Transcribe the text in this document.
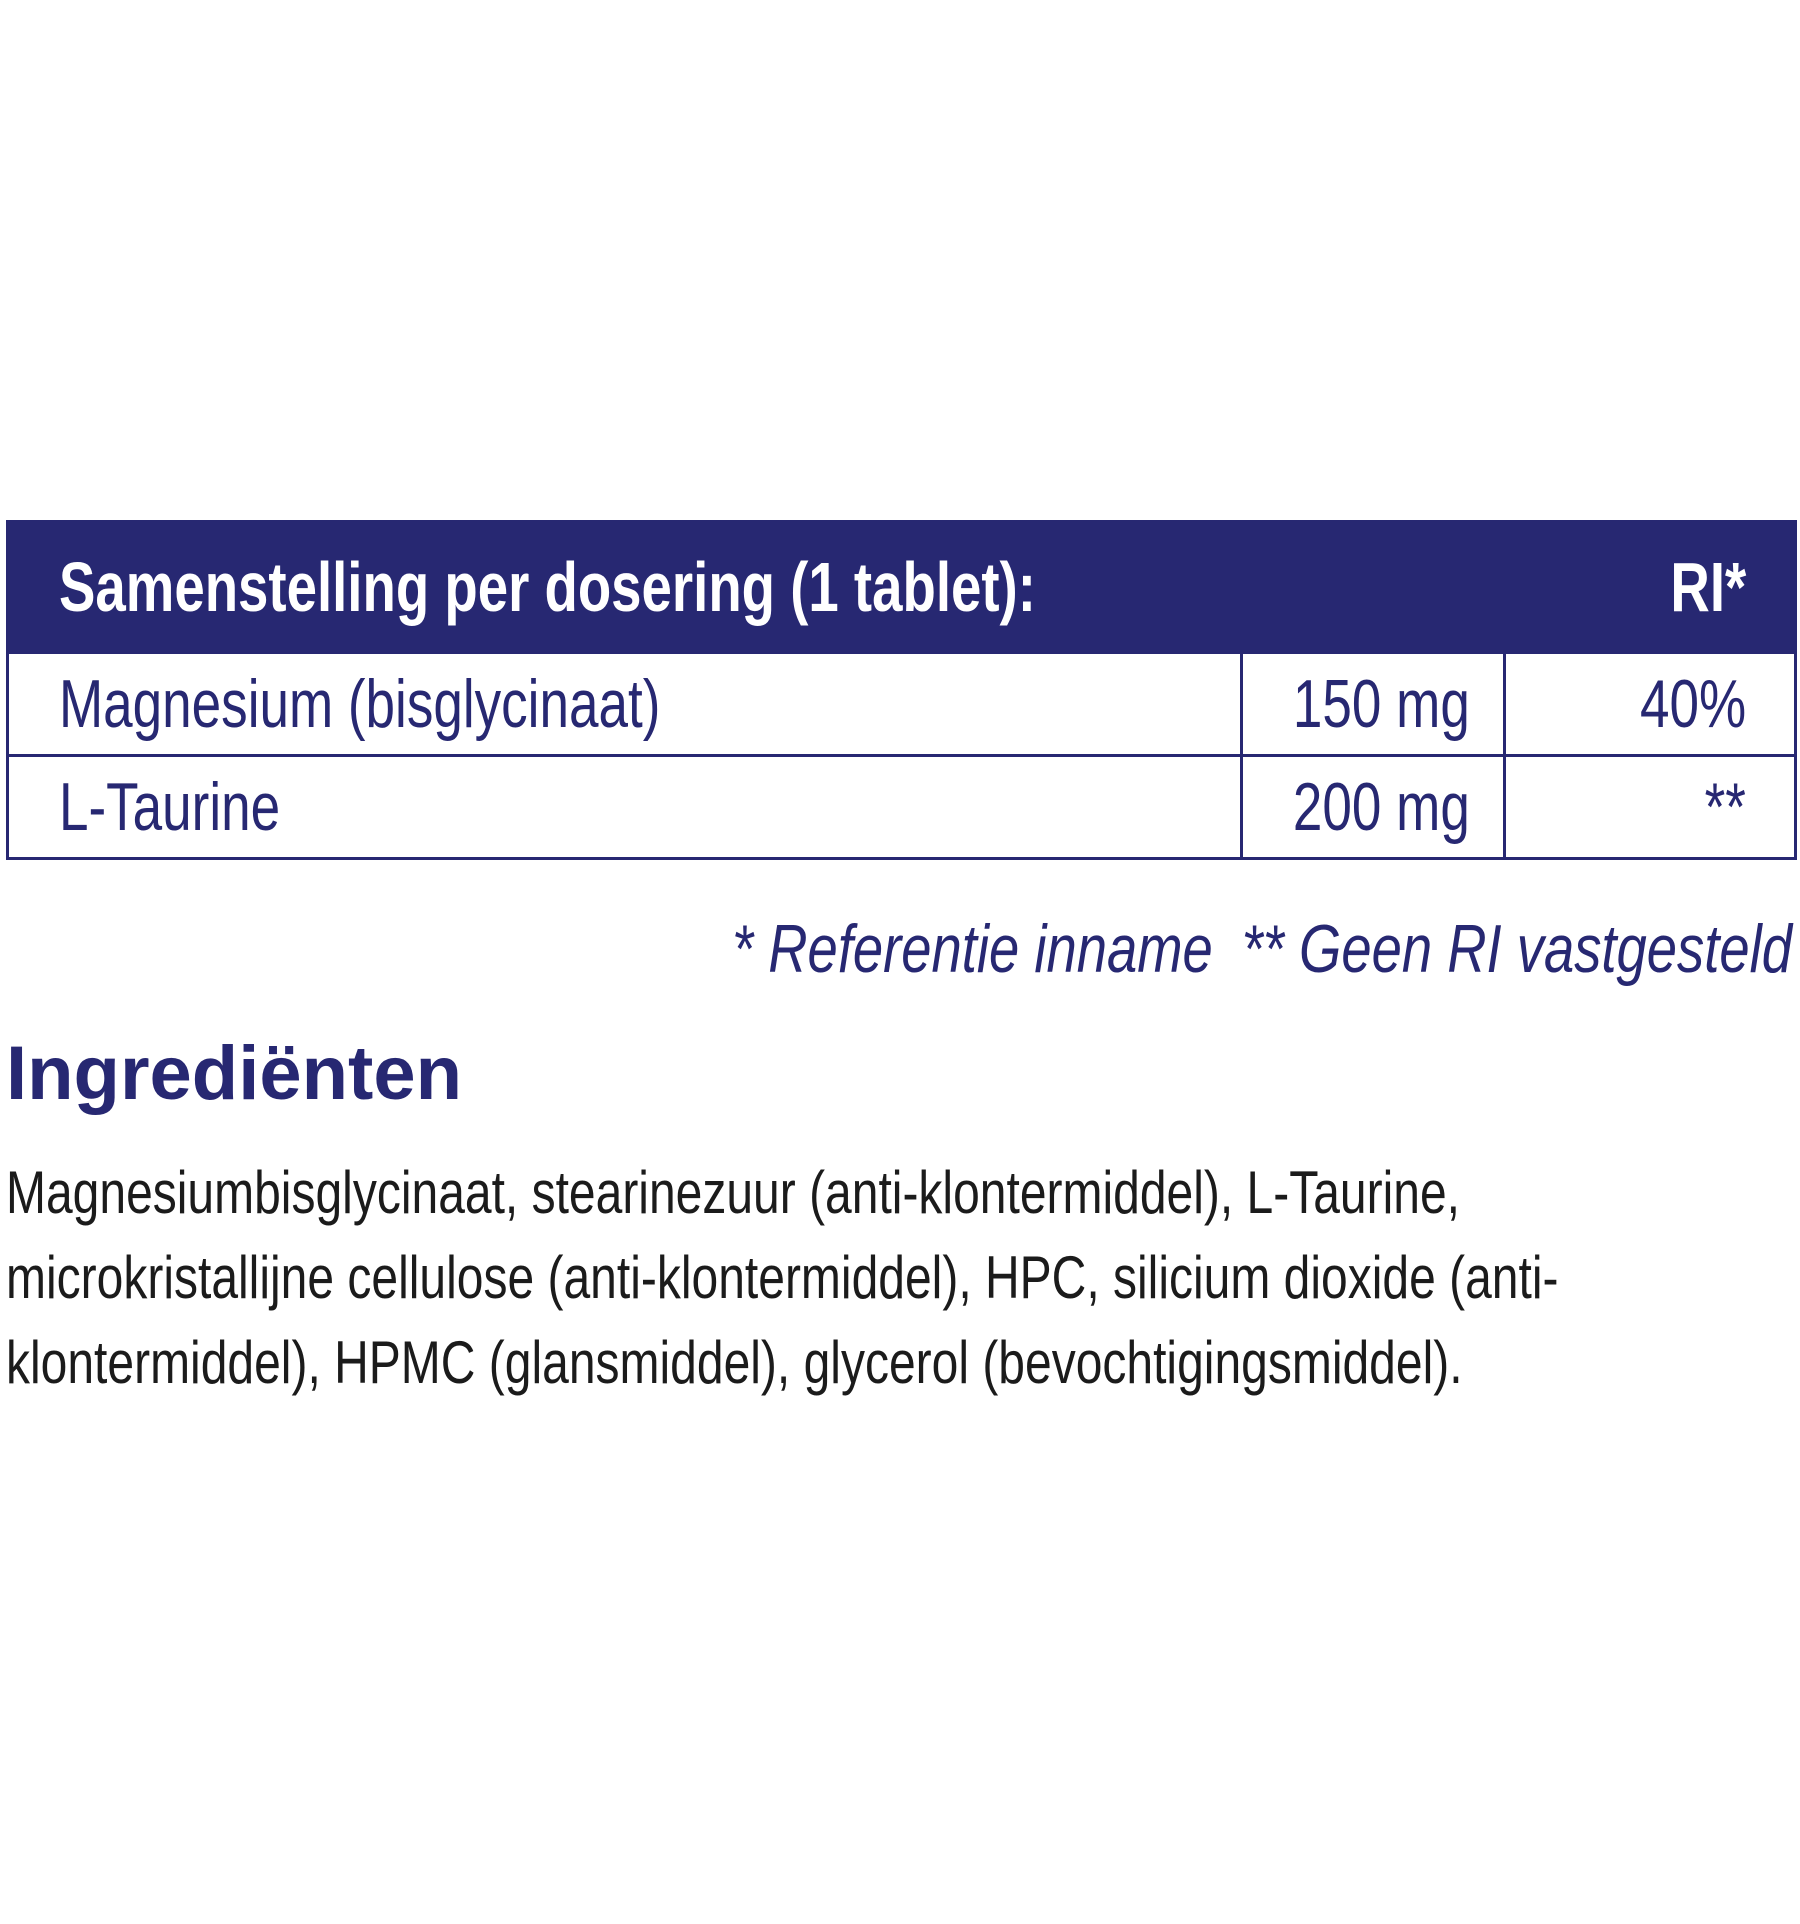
Samenstelling per dosering (1 tablet):		RI*
Magnesium (bisglycinaat)	150 mg	40%
L-Taurine	200 mg	**
* Referentie inname ** Geen RI vastgesteld
Ingrediënten
Magnesiumbisglycinaat, stearinezuur (anti-klontermiddel), L-Taurine,
microkristallijne cellulose (anti-klontermiddel), HPC, silicium dioxide (anti-
klontermiddel), HPMC (glansmiddel), glycerol (bevochtigingsmiddel).
